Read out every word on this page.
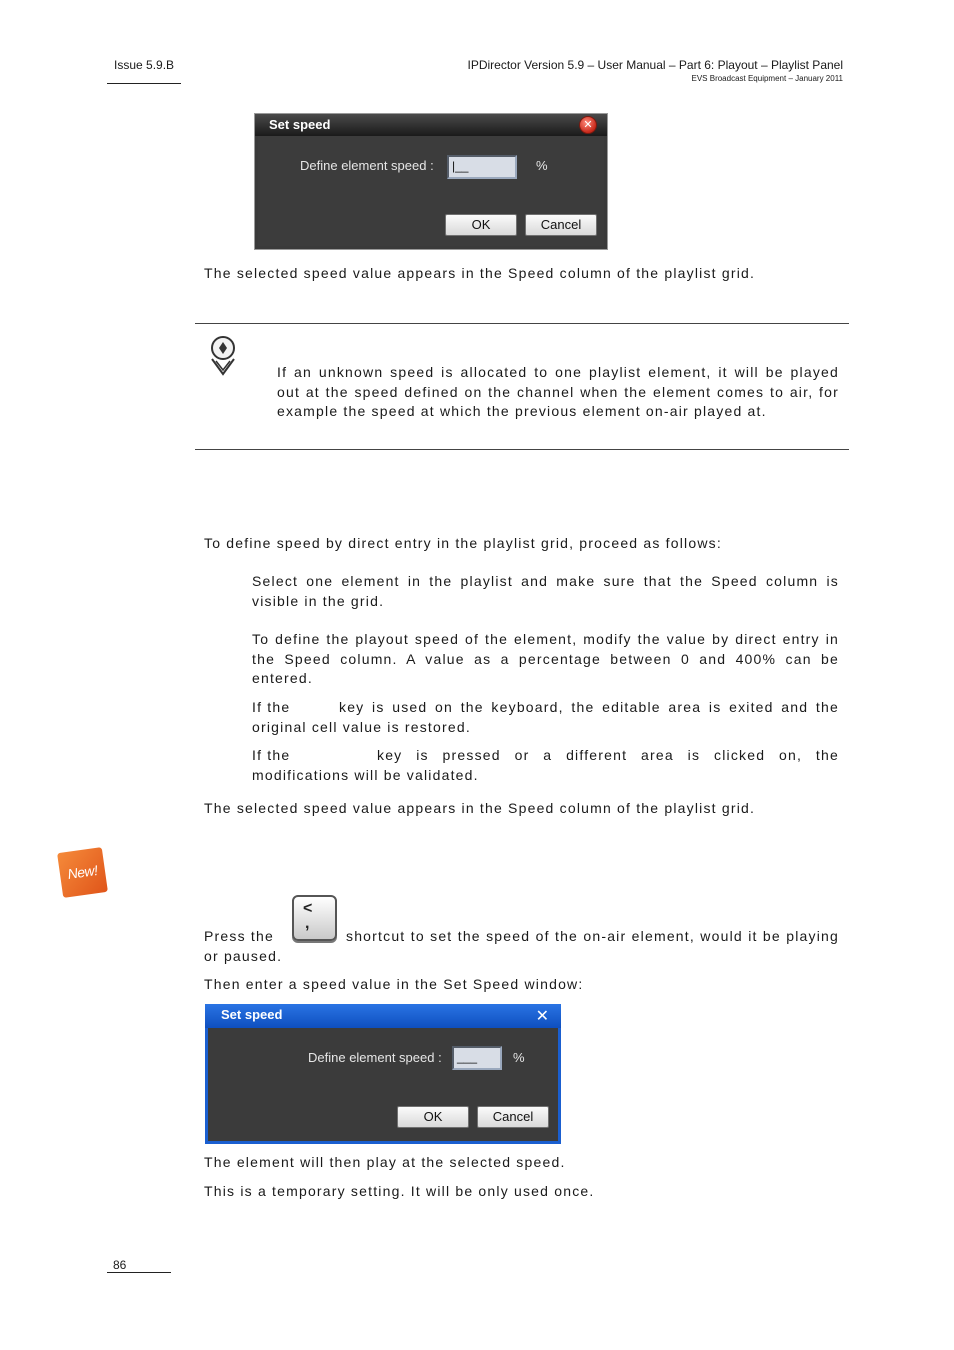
Issue 5.9.B	IPDirector Version 5.9 – User Manual – Part 6: Playout – Playlist Panel
EVS Broadcast Equipment – January 2011
Set speed	✕
Define element speed :	|__	%
OK	Cancel
The selected speed value appears in the Speed column of the playlist grid.
If an unknown speed is allocated to one playlist element, it will be played out at the speed defined on the channel when the element comes to air, for example the speed at which the previous element on-air played at.
To define speed by direct entry in the playlist grid, proceed as follows:
Select one element in the playlist and make sure that the Speed column is visible in the grid.
To define the playout speed of the element, modify the value by direct entry in the Speed column. A value as a percentage between 0 and 400% can be entered.
If the	key is used on the keyboard, the editable area is exited and the original cell value is restored.
If the	key is pressed or a different area is clicked on, the modifications will be validated.
The selected speed value appears in the Speed column of the playlist grid.
New!
<
,
Press the	shortcut to set the speed of the on-air element, would it be playing or paused.
Then enter a speed value in the Set Speed window:
Set speed	✕
Define element speed :	___	%
OK	Cancel
The element will then play at the selected speed.
This is a temporary setting. It will be only used once.
86
